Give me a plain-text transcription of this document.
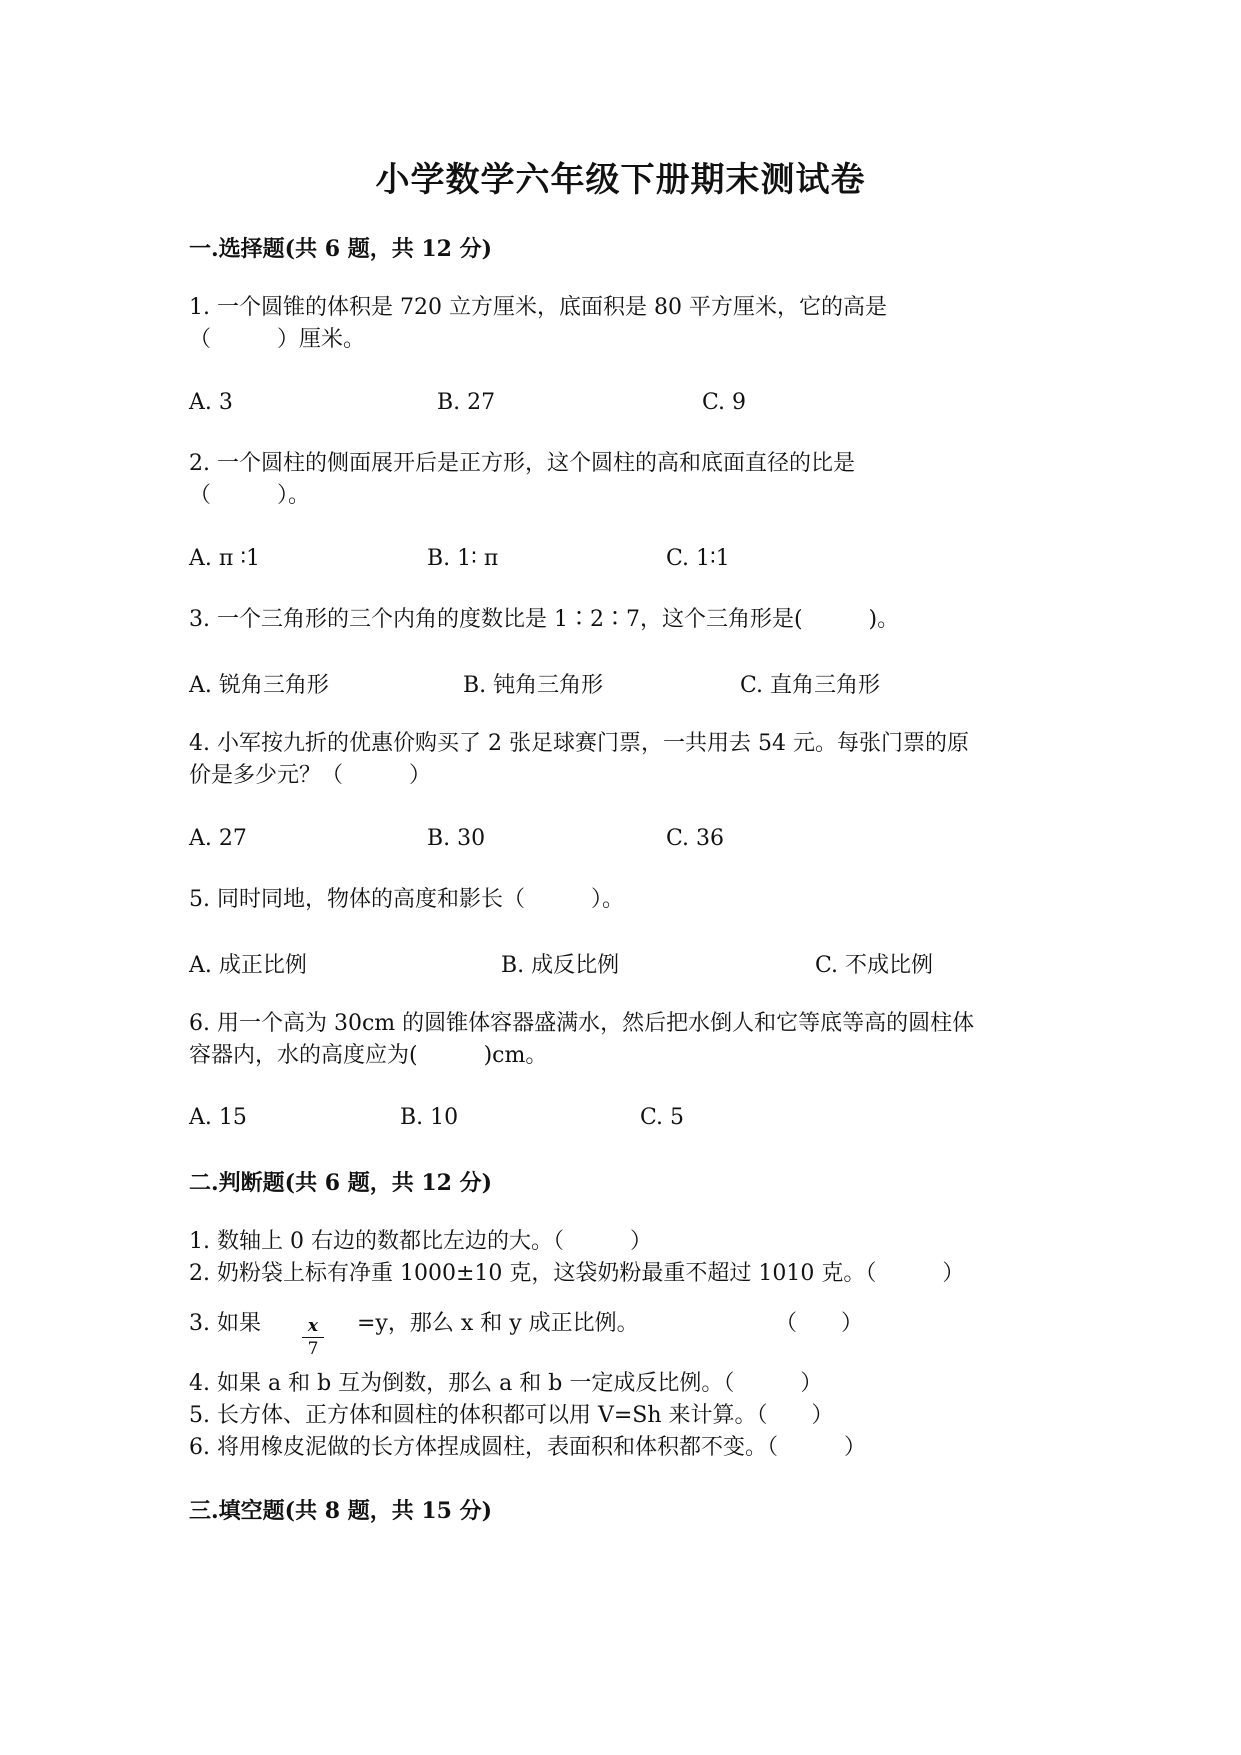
小学数学六年级下册期末测试卷
一.选择题(共 6 题，共 12 分)
1. 一个圆锥的体积是 720 立方厘米，底面积是 80 平方厘米，它的高是
（　　　）厘米。
A. 3	B. 27	C. 9
2. 一个圆柱的侧面展开后是正方形，这个圆柱的高和底面直径的比是
（　　　）。
A. π ∶1	B. 1∶ π	C. 1∶1
3. 一个三角形的三个内角的度数比是 1∶2∶7，这个三角形是(　　　)。
A. 锐角三角形	B. 钝角三角形	C. 直角三角形
4. 小军按九折的优惠价购买了 2 张足球赛门票，一共用去 54 元。每张门票的原
价是多少元？（　　　）
A. 27	B. 30	C. 36
5. 同时同地，物体的高度和影长（　　　）。
A. 成正比例	B. 成反比例	C. 不成比例
6. 用一个高为 30cm 的圆锥体容器盛满水，然后把水倒人和它等底等高的圆柱体
容器内，水的高度应为(　　　)cm。
A. 15	B. 10	C. 5
二.判断题(共 6 题，共 12 分)
1. 数轴上 0 右边的数都比左边的大。（　　　）
2. 奶粉袋上标有净重 1000±10 克，这袋奶粉最重不超过 1010 克。（　　　）
3. 如果 $\frac{x}{7} =y$，那么 x 和 y 成正比例。	（　　）
4. 如果 a 和 b 互为倒数，那么 a 和 b 一定成反比例。（　　　）
5. 长方体、正方体和圆柱的体积都可以用 V=Sh 来计算。（　　）
6. 将用橡皮泥做的长方体捏成圆柱，表面积和体积都不变。（　　　）
三.填空题(共 8 题，共 15 分)
